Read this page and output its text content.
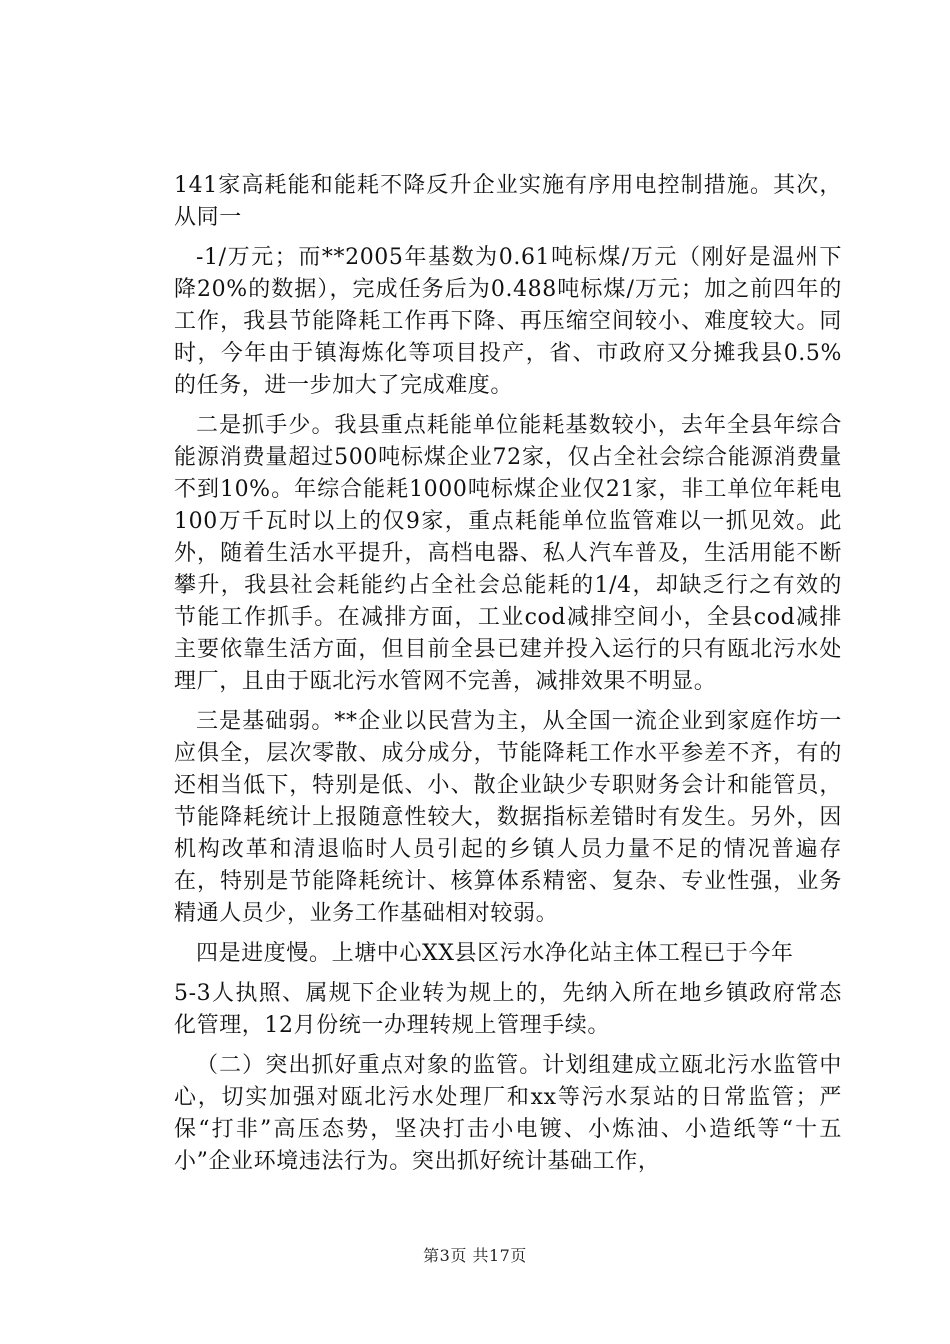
141家高耗能和能耗不降反升企业实施有序用电控制措施。其次，从同一

-1/万元；而**2005年基数为0.61吨标煤/万元（刚好是温州下降20%的数据），完成任务后为0.488吨标煤/万元；加之前四年的工作，我县节能降耗工作再下降、再压缩空间较小、难度较大。同时，今年由于镇海炼化等项目投产，省、市政府又分摊我县0.5%的任务，进一步加大了完成难度。

二是抓手少。我县重点耗能单位能耗基数较小，去年全县年综合能源消费量超过500吨标煤企业72家，仅占全社会综合能源消费量不到10%。年综合能耗1000吨标煤企业仅21家，非工单位年耗电100万千瓦时以上的仅9家，重点耗能单位监管难以一抓见效。此外，随着生活水平提升，高档电器、私人汽车普及，生活用能不断攀升，我县社会耗能约占全社会总能耗的1/4，却缺乏行之有效的节能工作抓手。在减排方面，工业cod减排空间小，全县cod减排主要依靠生活方面，但目前全县已建并投入运行的只有瓯北污水处理厂，且由于瓯北污水管网不完善，减排效果不明显。

三是基础弱。**企业以民营为主，从全国一流企业到家庭作坊一应俱全，层次零散、成分成分，节能降耗工作水平参差不齐，有的还相当低下，特别是低、小、散企业缺少专职财务会计和能管员，节能降耗统计上报随意性较大，数据指标差错时有发生。另外，因机构改革和清退临时人员引起的乡镇人员力量不足的情况普遍存在，特别是节能降耗统计、核算体系精密、复杂、专业性强，业务精通人员少，业务工作基础相对较弱。

四是进度慢。上塘中心XX县区污水净化站主体工程已于今年

5-3人执照、属规下企业转为规上的，先纳入所在地乡镇政府常态化管理，12月份统一办理转规上管理手续。

（二）突出抓好重点对象的监管。计划组建成立瓯北污水监管中心，切实加强对瓯北污水处理厂和xx等污水泵站的日常监管；严保“打非”高压态势，坚决打击小电镀、小炼油、小造纸等“十五小”企业环境违法行为。突出抓好统计基础工作，

第3页 共17页
